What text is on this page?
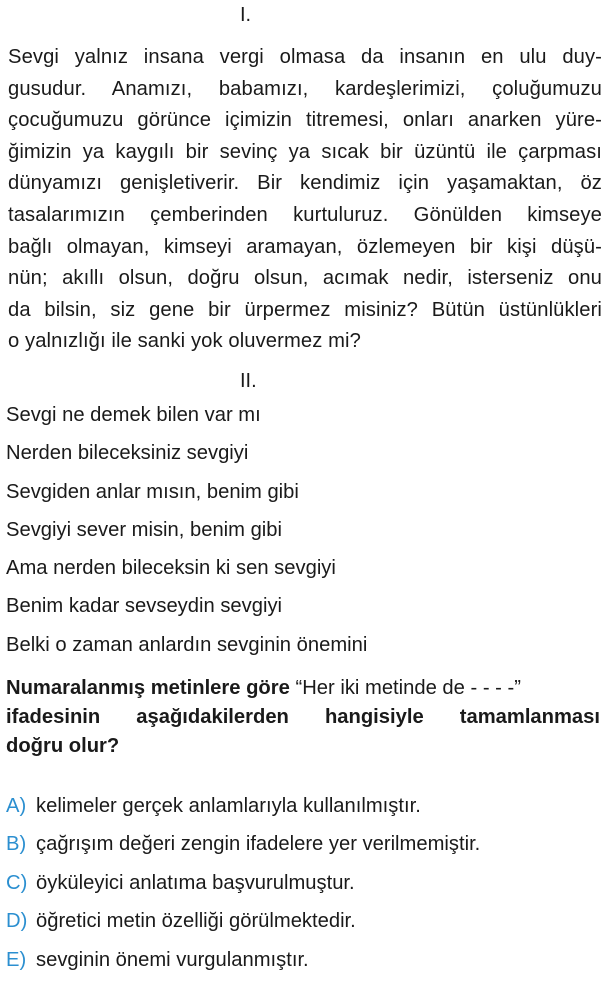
I.

Sevgi yalnız insana vergi olmasa da insanın en ulu duy-
gusudur. Anamızı, babamızı, kardeşlerimizi, çoluğumuzu
çocuğumuzu görünce içimizin titremesi, onları anarken yüre-
ğimizin ya kaygılı bir sevinç ya sıcak bir üzüntü ile çarpması
dünyamızı genişletiverir. Bir kendimiz için yaşamaktan, öz
tasalarımızın çemberinden kurtuluruz. Gönülden kimseye
bağlı olmayan, kimseyi aramayan, özlemeyen bir kişi düşü-
nün; akıllı olsun, doğru olsun, acımak nedir, isterseniz onu
da bilsin, siz gene bir ürpermez misiniz? Bütün üstünlükleri
o yalnızlığı ile sanki yok oluvermez mi?

II.
Sevgi ne demek bilen var mı
Nerden bileceksiniz sevgiyi
Sevgiden anlar mısın, benim gibi
Sevgiyi sever misin, benim gibi
Ama nerden bileceksin ki sen sevgiyi
Benim kadar sevseydin sevgiyi
Belki o zaman anlardın sevginin önemini
Numaralanmış metinlere göre “Her iki metinde de - - - -”
ifadesinin aşağıdakilerden hangisiyle tamamlanması
doğru olur?
A) kelimeler gerçek anlamlarıyla kullanılmıştır.
B) çağrışım değeri zengin ifadelere yer verilmemiştir.
C) öyküleyici anlatıma başvurulmuştur.
D) öğretici metin özelliği görülmektedir.
E) sevginin önemi vurgulanmıştır.
